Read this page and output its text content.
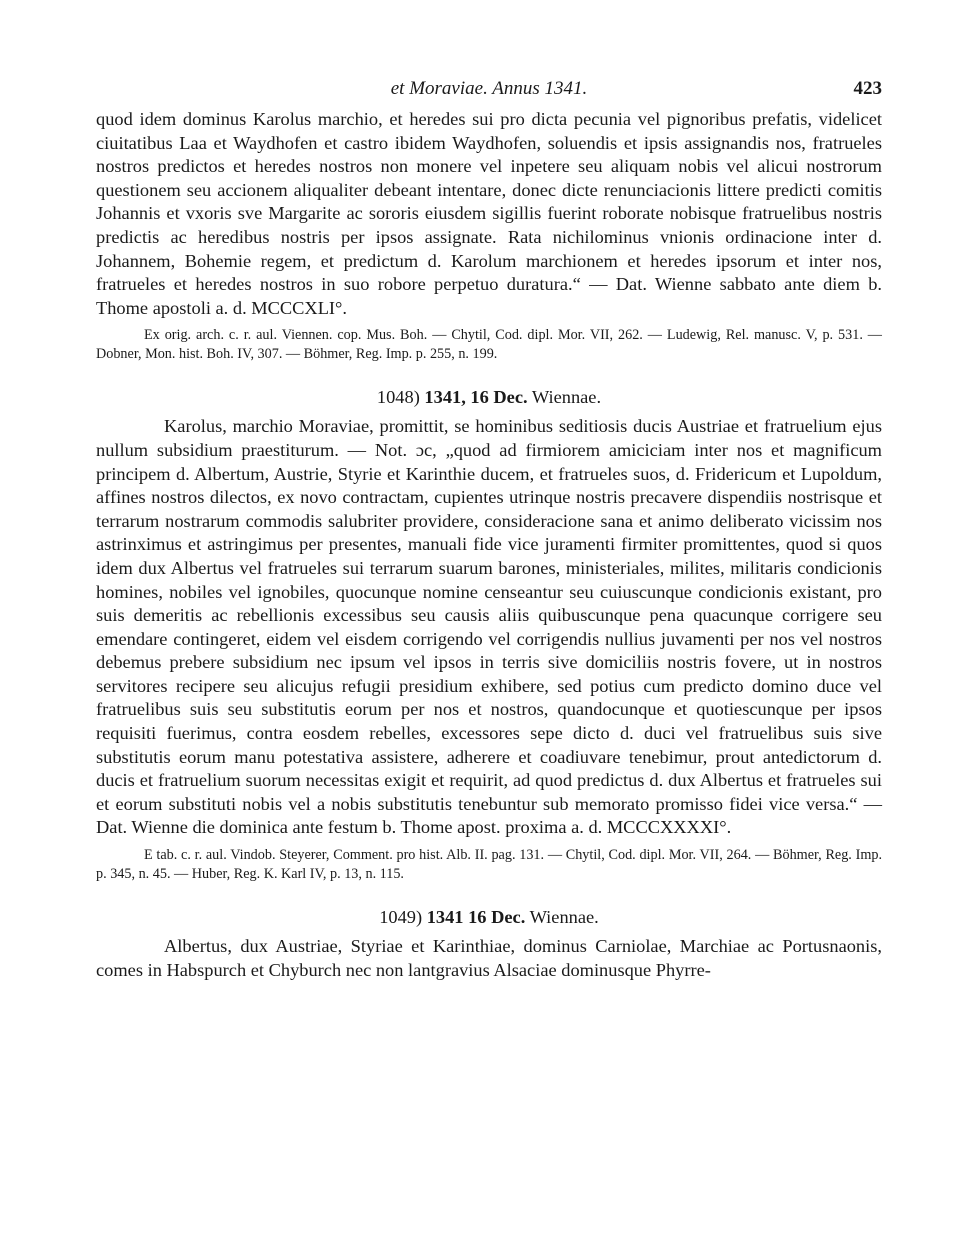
et Moraviae. Annus 1341.	423

quod idem dominus Karolus marchio, et heredes sui pro dicta pecunia vel pignoribus prefatis, videlicet ciuitatibus Laa et Waydhofen et castro ibidem Waydhofen, soluendis et ipsis assignandis nos, fratrueles nostros predictos et heredes nostros non monere vel inpetere seu aliquam nobis vel alicui nostrorum questionem seu accionem aliqualiter debeant intentare, donec dicte renunciacionis littere predicti comitis Johannis et vxoris sve Margarite ac sororis eiusdem sigillis fuerint roborate nobisque fratruelibus nostris predictis ac heredibus nostris per ipsos assignate. Rata nichilominus vnionis ordinacione inter d. Johannem, Bohemie regem, et predictum d. Karolum marchionem et heredes ipsorum et inter nos, fratrueles et heredes nostros in suo robore perpetuo duratura.“ — Dat. Wienne sabbato ante diem b. Thome apostoli a. d. MCCCXLI°.

Ex orig. arch. c. r. aul. Viennen. cop. Mus. Boh. — Chytil, Cod. dipl. Mor. VII, 262. — Ludewig, Rel. manusc. V, p. 531. — Dobner, Mon. hist. Boh. IV, 307. — Böhmer, Reg. Imp. p. 255, n. 199.

1048) 1341, 16 Dec. Wiennae.

Karolus, marchio Moraviae, promittit, se hominibus seditiosis ducis Austriae et fratruelium ejus nullum subsidium praestiturum. — Not. ɔc, „quod ad firmiorem amiciciam inter nos et magnificum principem d. Albertum, Austrie, Styrie et Karinthie ducem, et fratrueles suos, d. Fridericum et Lupoldum, affines nostros dilectos, ex novo contractam, cupientes utrinque nostris precavere dispendiis nostrisque et terrarum nostrarum commodis salubriter providere, consideracione sana et animo deliberato vicissim nos astrinximus et astringimus per presentes, manuali fide vice juramenti firmiter promittentes, quod si quos idem dux Albertus vel fratrueles sui terrarum suarum barones, ministeriales, milites, militaris condicionis homines, nobiles vel ignobiles, quocunque nomine censeantur seu cuiuscunque condicionis existant, pro suis demeritis ac rebellionis excessibus seu causis aliis quibuscunque pena quacunque corrigere seu emendare contingeret, eidem vel eisdem corrigendo vel corrigendis nullius juvamenti per nos vel nostros debemus prebere subsidium nec ipsum vel ipsos in terris sive domiciliis nostris fovere, ut in nostros servitores recipere seu alicujus refugii presidium exhibere, sed potius cum predicto domino duce vel fratruelibus suis seu substitutis eorum per nos et nostros, quandocunque et quotiescunque per ipsos requisiti fuerimus, contra eosdem rebelles, excessores sepe dicto d. duci vel fratruelibus suis sive substitutis eorum manu potestativa assistere, adherere et coadiuvare tenebimur, prout antedictorum d. ducis et fratruelium suorum necessitas exigit et requirit, ad quod predictus d. dux Albertus et fratrueles sui et eorum substituti nobis vel a nobis substitutis tenebuntur sub memorato promisso fidei vice versa.“ — Dat. Wienne die dominica ante festum b. Thome apost. proxima a. d. MCCCXXXXI°.

E tab. c. r. aul. Vindob. Steyerer, Comment. pro hist. Alb. II. pag. 131. — Chytil, Cod. dipl. Mor. VII, 264. — Böhmer, Reg. Imp. p. 345, n. 45. — Huber, Reg. K. Karl IV, p. 13, n. 115.

1049) 1341 16 Dec. Wiennae.

Albertus, dux Austriae, Styriae et Karinthiae, dominus Carniolae, Marchiae ac Portusnaonis, comes in Habspurch et Chyburch nec non lantgravius Alsaciae dominusque Phyrre-
